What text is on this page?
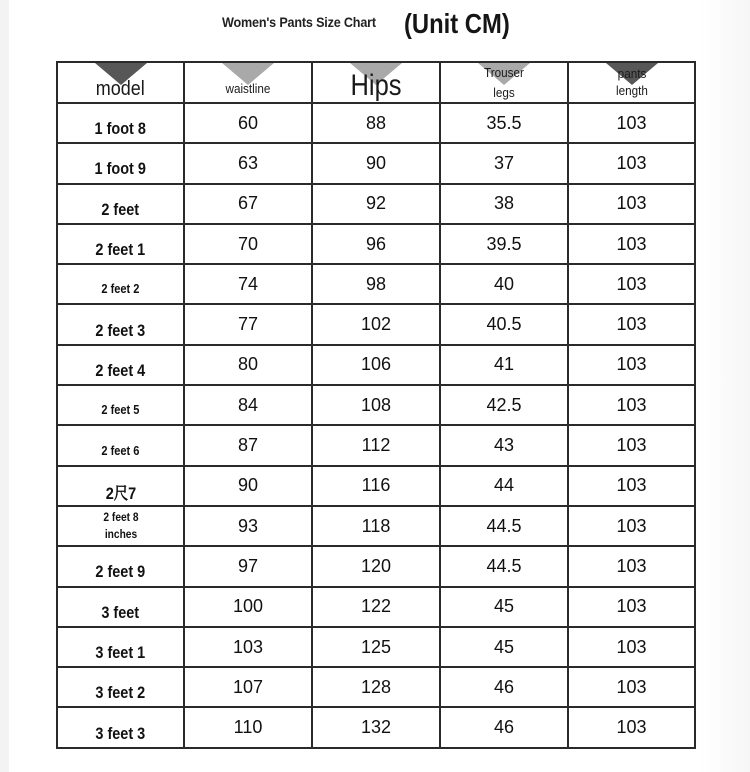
Women's Pants Size Chart (Unit CM)
model	waistline	Hips	Trouser legs	pants length
1 foot 8	60	88	35.5	103
1 foot 9	63	90	37	103
2 feet	67	92	38	103
2 feet 1	70	96	39.5	103
2 feet 2	74	98	40	103
2 feet 3	77	102	40.5	103
2 feet 4	80	106	41	103
2 feet 5	84	108	42.5	103
2 feet 6	87	112	43	103
2尺7	90	116	44	103
2 feet 8 inches	93	118	44.5	103
2 feet 9	97	120	44.5	103
3 feet	100	122	45	103
3 feet 1	103	125	45	103
3 feet 2	107	128	46	103
3 feet 3	110	132	46	103
